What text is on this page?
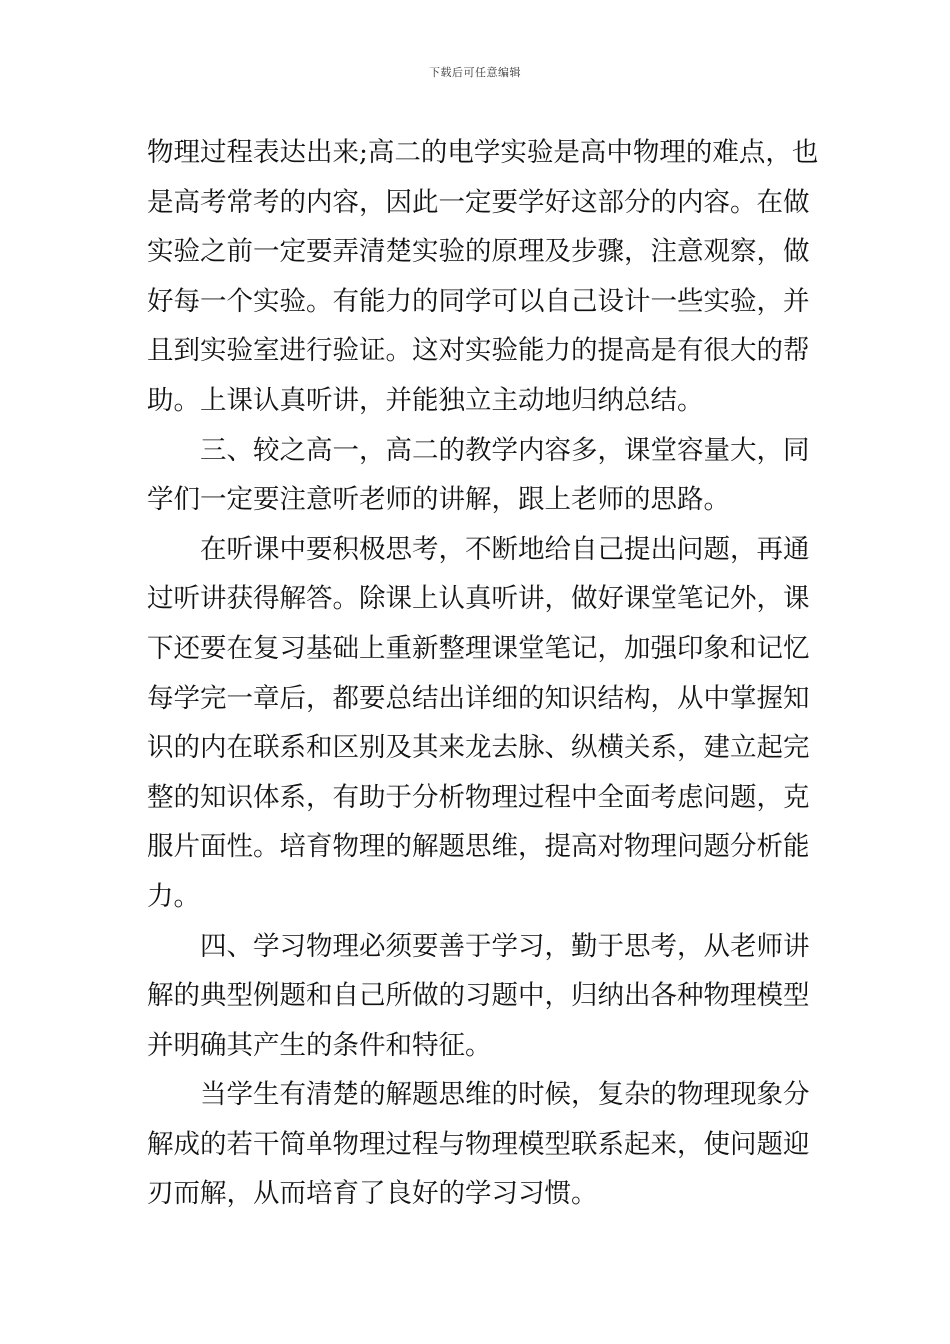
下载后可任意编辑
物理过程表达出来;高二的电学实验是高中物理的难点，也
是高考常考的内容，因此一定要学好这部分的内容。在做
实验之前一定要弄清楚实验的原理及步骤，注意观察，做
好每一个实验。有能力的同学可以自己设计一些实验，并
且到实验室进行验证。这对实验能力的提高是有很大的帮
助。上课认真听讲，并能独立主动地归纳总结。
三、较之高一，高二的教学内容多，课堂容量大，同
学们一定要注意听老师的讲解，跟上老师的思路。
在听课中要积极思考，不断地给自己提出问题，再通
过听讲获得解答。除课上认真听讲，做好课堂笔记外，课
下还要在复习基础上重新整理课堂笔记，加强印象和记忆
每学完一章后，都要总结出详细的知识结构，从中掌握知
识的内在联系和区别及其来龙去脉、纵横关系，建立起完
整的知识体系，有助于分析物理过程中全面考虑问题，克
服片面性。培育物理的解题思维，提高对物理问题分析能
力。
四、学习物理必须要善于学习，勤于思考，从老师讲
解的典型例题和自己所做的习题中，归纳出各种物理模型
并明确其产生的条件和特征。
当学生有清楚的解题思维的时候，复杂的物理现象分
解成的若干简单物理过程与物理模型联系起来，使问题迎
刃而解，从而培育了良好的学习习惯。
